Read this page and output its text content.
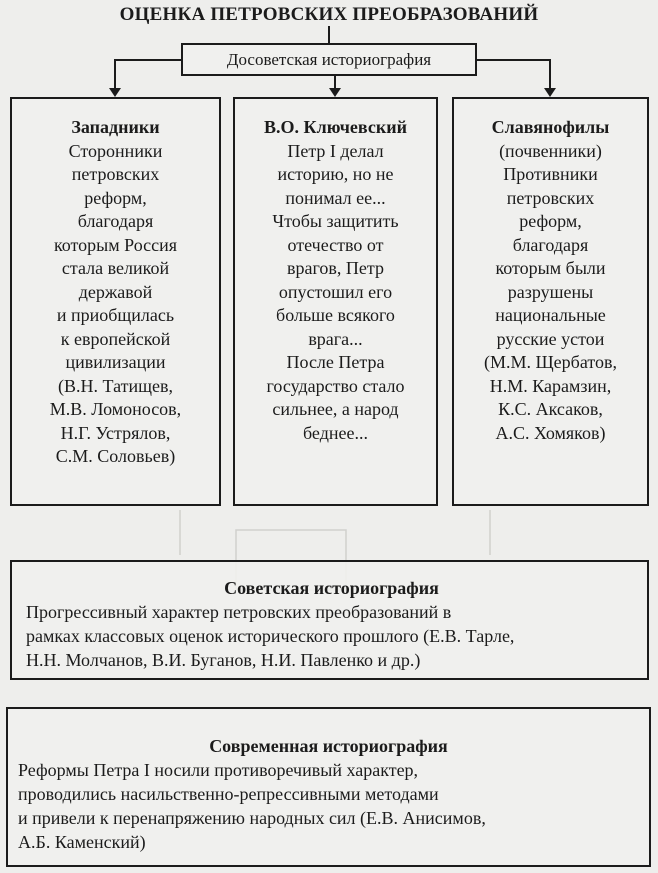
ОЦЕНКА ПЕТРОВСКИХ ПРЕОБРАЗОВАНИЙ
Досоветская историография
Западники
Сторонники
петровских
реформ,
благодаря
которым Россия
стала великой
державой
и приобщилась
к европейской
цивилизации
(В.Н. Татищев,
М.В. Ломоносов,
Н.Г. Устрялов,
С.М. Соловьев)
В.О. Ключевский
Петр I делал
историю, но не
понимал ее...
Чтобы защитить
отечество от
врагов, Петр
опустошил его
больше всякого
врага...
После Петра
государство стало
сильнее, а народ
беднее...
Славянофилы
(почвенники)
Противники
петровских
реформ,
благодаря
которым были
разрушены
национальные
русские устои
(М.М. Щербатов,
Н.М. Карамзин,
К.С. Аксаков,
А.С. Хомяков)
Советская историография
Прогрессивный характер петровских преобразований в
рамках классовых оценок исторического прошлого (Е.В. Тарле,
Н.Н. Молчанов, В.И. Буганов, Н.И. Павленко и др.)
Современная историография
Реформы Петра I носили противоречивый характер,
проводились насильственно-репрессивными методами
и привели к перенапряжению народных сил (Е.В. Анисимов,
А.Б. Каменский)
